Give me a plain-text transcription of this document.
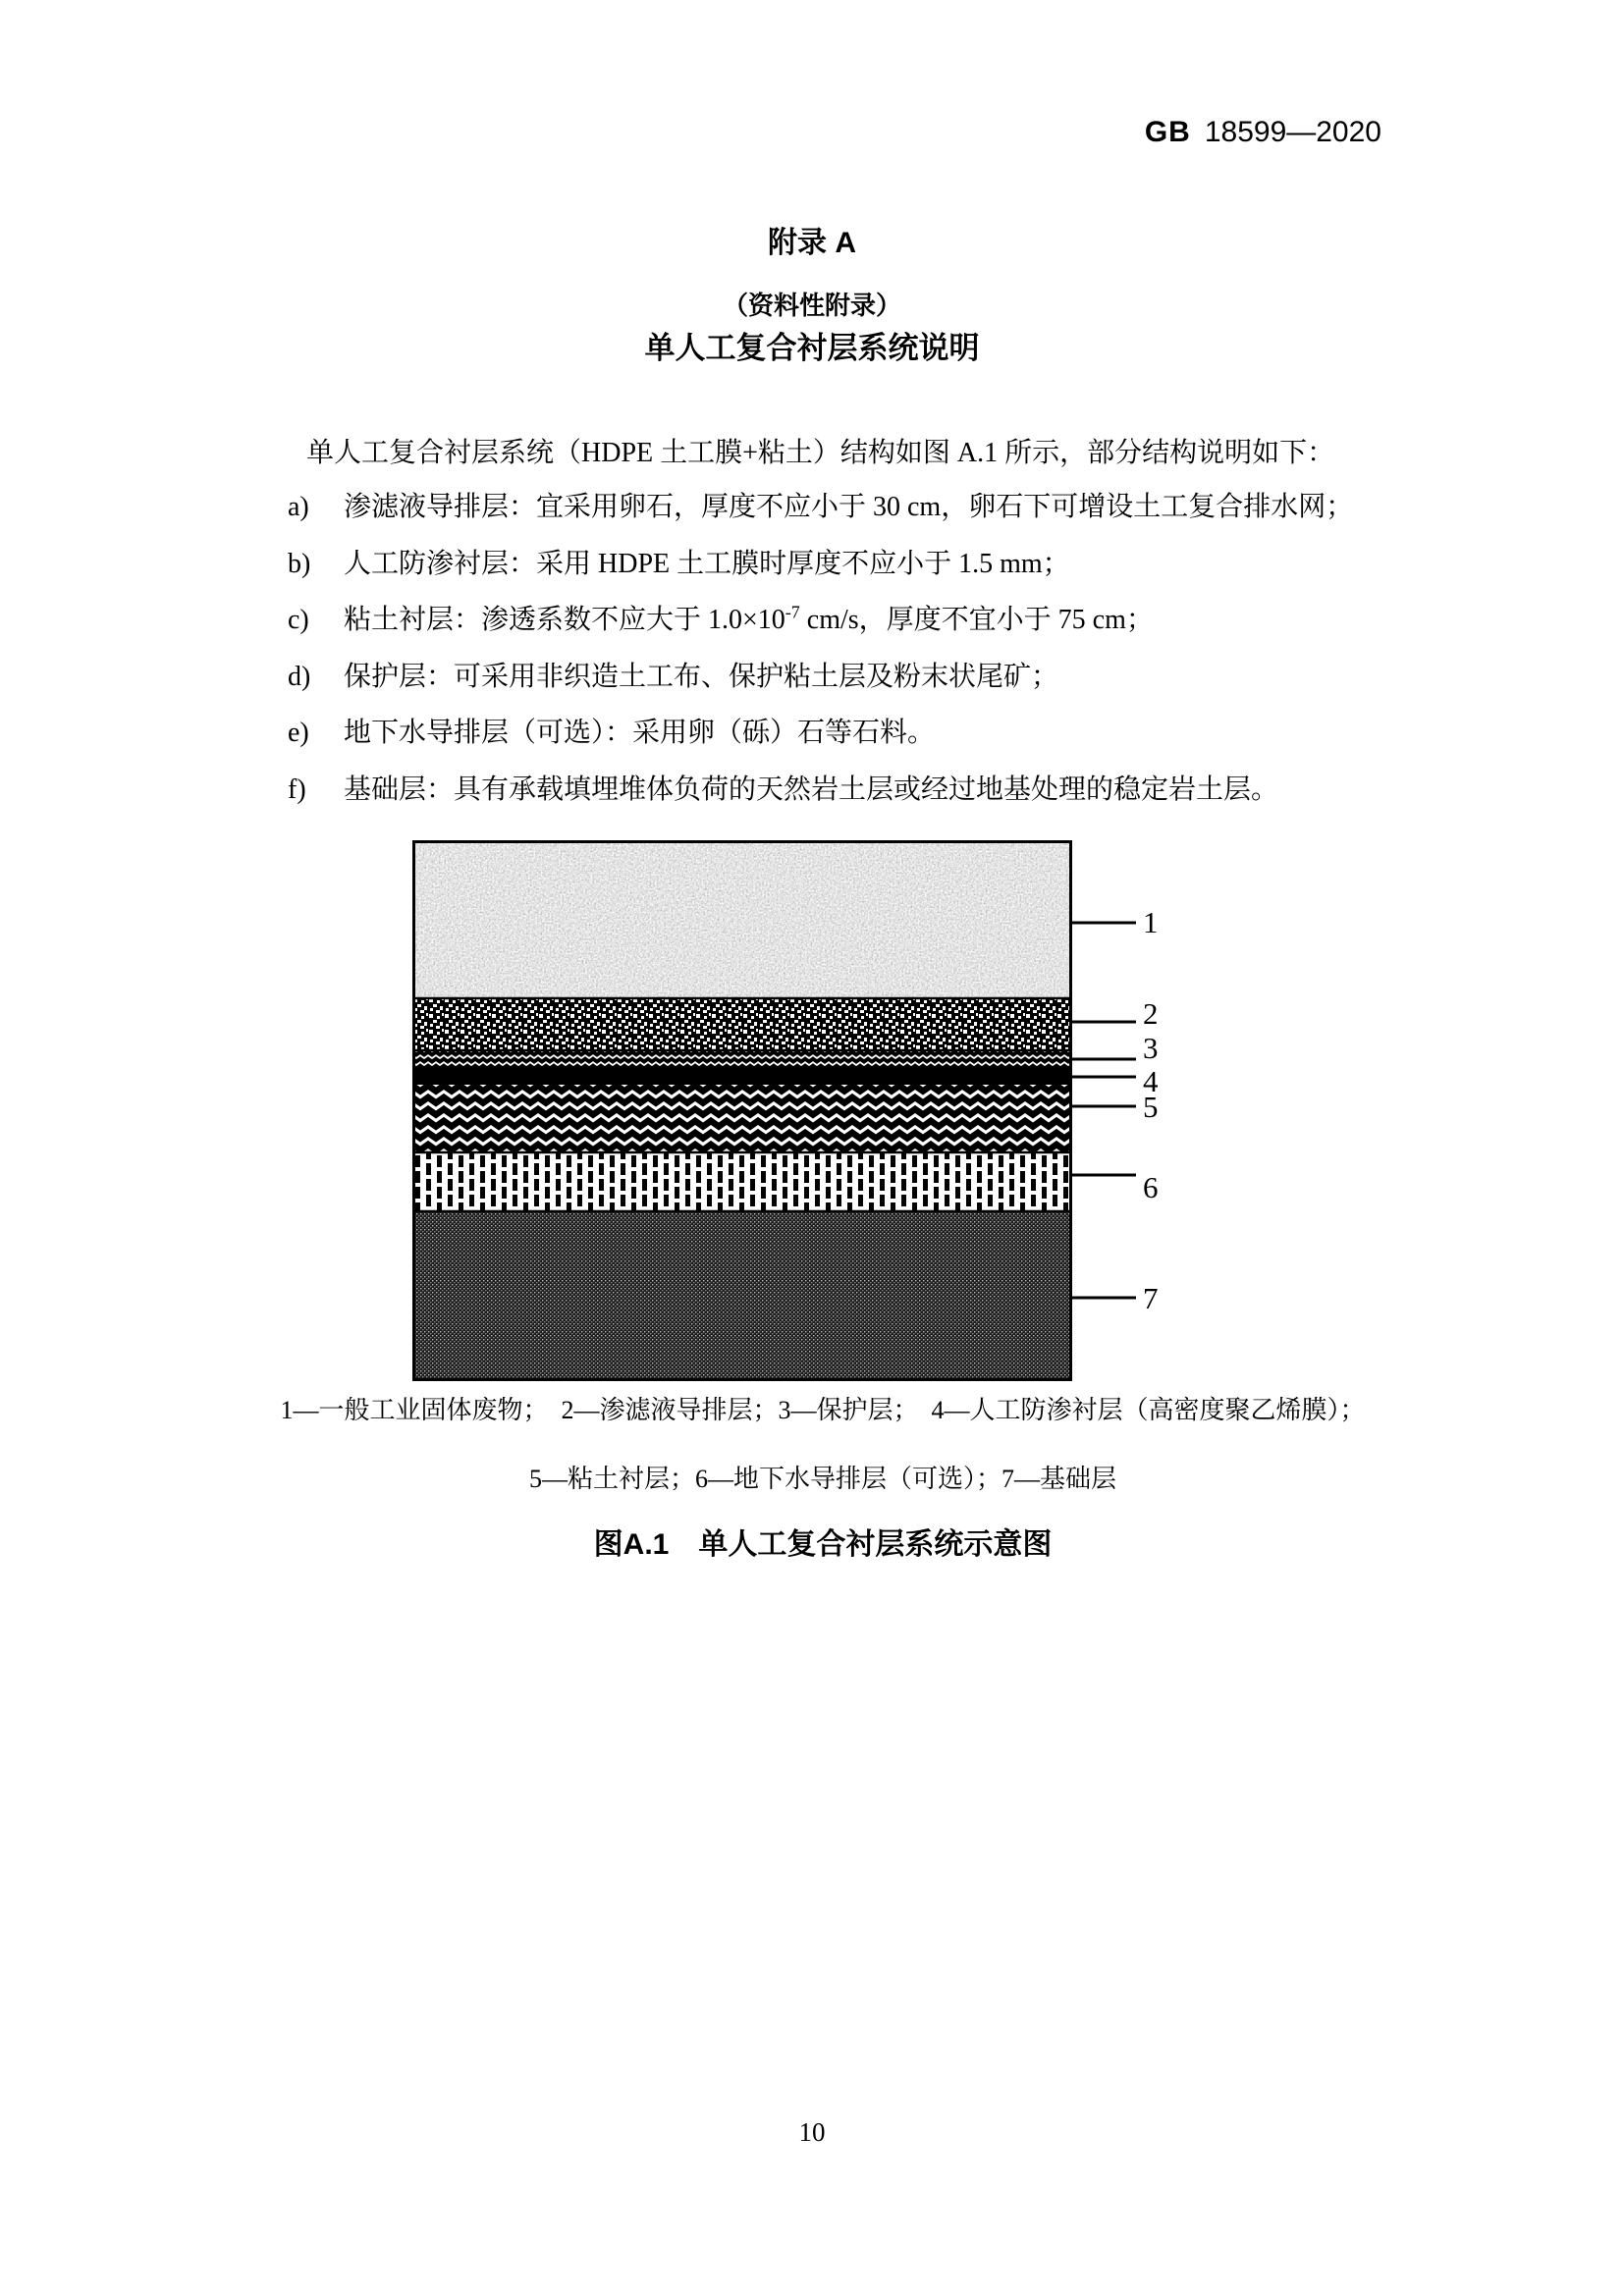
GB 18599—2020
附录 A
（资料性附录）
单人工复合衬层系统说明
单人工复合衬层系统（HDPE 土工膜+粘土）结构如图 A.1 所示，部分结构说明如下：
a) 渗滤液导排层：宜采用卵石，厚度不应小于 30 cm，卵石下可增设土工复合排水网；
b) 人工防渗衬层：采用 HDPE 土工膜时厚度不应小于 1.5 mm；
c) 粘土衬层：渗透系数不应大于 $1.0\times 10^{-7}$ cm/s，厚度不宜小于 75 cm；
d) 保护层：可采用非织造土工布、保护粘土层及粉末状尾矿；
e) 地下水导排层（可选）：采用卵（砾）石等石料。
f) 基础层：具有承载填埋堆体负荷的天然岩土层或经过地基处理的稳定岩土层。
1
2
3
4
5
6
7
1—一般工业固体废物；　2—渗滤液导排层；3—保护层；　4—人工防渗衬层（高密度聚乙烯膜）；
5—粘土衬层；6—地下水导排层（可选）；7—基础层
图A.1　单人工复合衬层系统示意图
10
